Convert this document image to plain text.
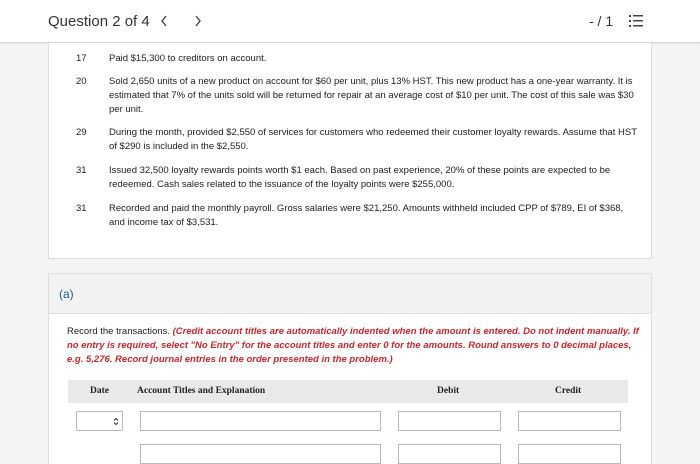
Question 2 of 4	- / 1
17	Paid $15,300 to creditors on account.
20	Sold 2,650 units of a new product on account for $60 per unit, plus 13% HST. This new product has a one-year warranty. It is estimated that 7% of the units sold will be returned for repair at an average cost of $10 per unit. The cost of this sale was $30 per unit.
29	During the month, provided $2,550 of services for customers who redeemed their customer loyalty rewards. Assume that HST of $290 is included in the $2,550.
31	Issued 32,500 loyalty rewards points worth $1 each. Based on past experience, 20% of these points are expected to be redeemed. Cash sales related to the issuance of the loyalty points were $255,000.
31	Recorded and paid the monthly payroll. Gross salaries were $21,250. Amounts withheld included CPP of $789, EI of $368, and income tax of $3,531.
(a)
Record the transactions. (Credit account titles are automatically indented when the amount is entered. Do not indent manually. If no entry is required, select "No Entry" for the account titles and enter 0 for the amounts. Round answers to 0 decimal places, e.g. 5,276. Record journal entries in the order presented in the problem.)
Date	Account Titles and Explanation	Debit	Credit
